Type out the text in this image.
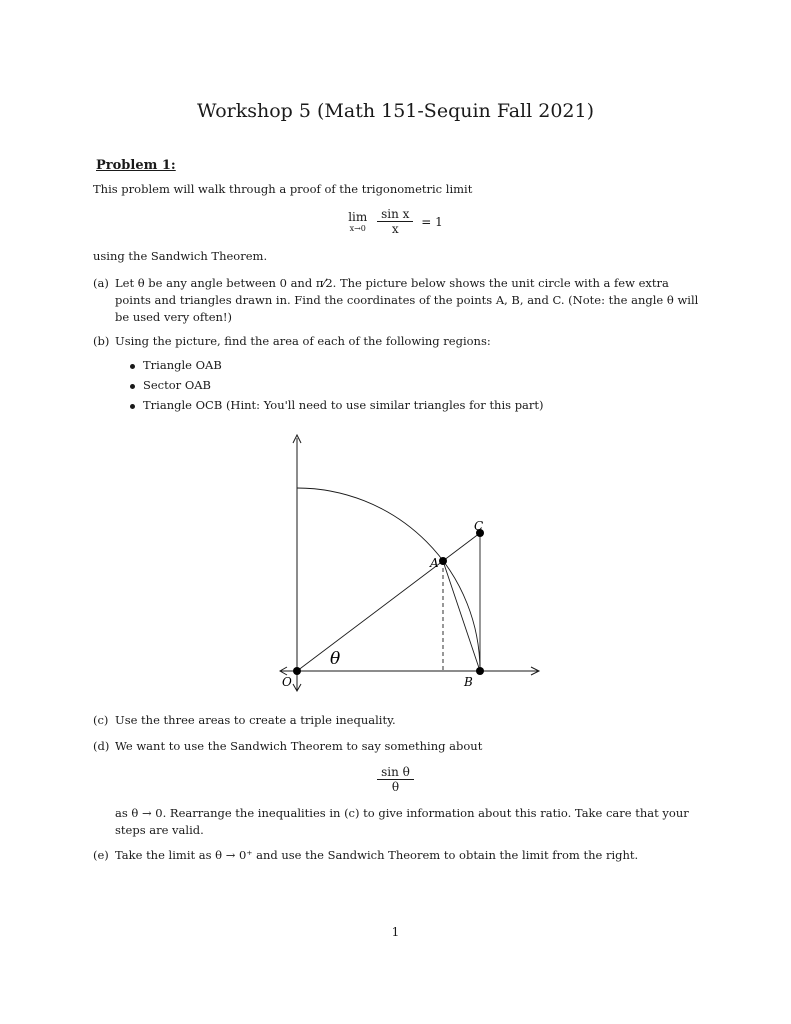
Workshop 5 (Math 151-Sequin Fall 2021)
Problem 1:
This problem will walk through a proof of the trigonometric limit
lim
x→0
$\frac{\text{sin x}}{x} = 1$
using the Sandwich Theorem.
(a) Let θ be any angle between 0 and π⁄2. The picture below shows the unit circle with a few extra points and triangles drawn in. Find the coordinates of the points A, B, and C. (Note: the angle θ will be used very often!)
(b) Using the picture, find the area of each of the following regions:
Triangle OAB
Sector OAB
Triangle OCB (Hint: You'll need to use similar triangles for this part)
O
A
B
C
θ
(c) Use the three areas to create a triple inequality.
(d) We want to use the Sandwich Theorem to say something about
$\frac{\text{sin θ}}{\theta}$
as θ → 0. Rearrange the inequalities in (c) to give information about this ratio. Take care that your steps are valid.
(e) Take the limit as θ → 0⁺ and use the Sandwich Theorem to obtain the limit from the right.
1
